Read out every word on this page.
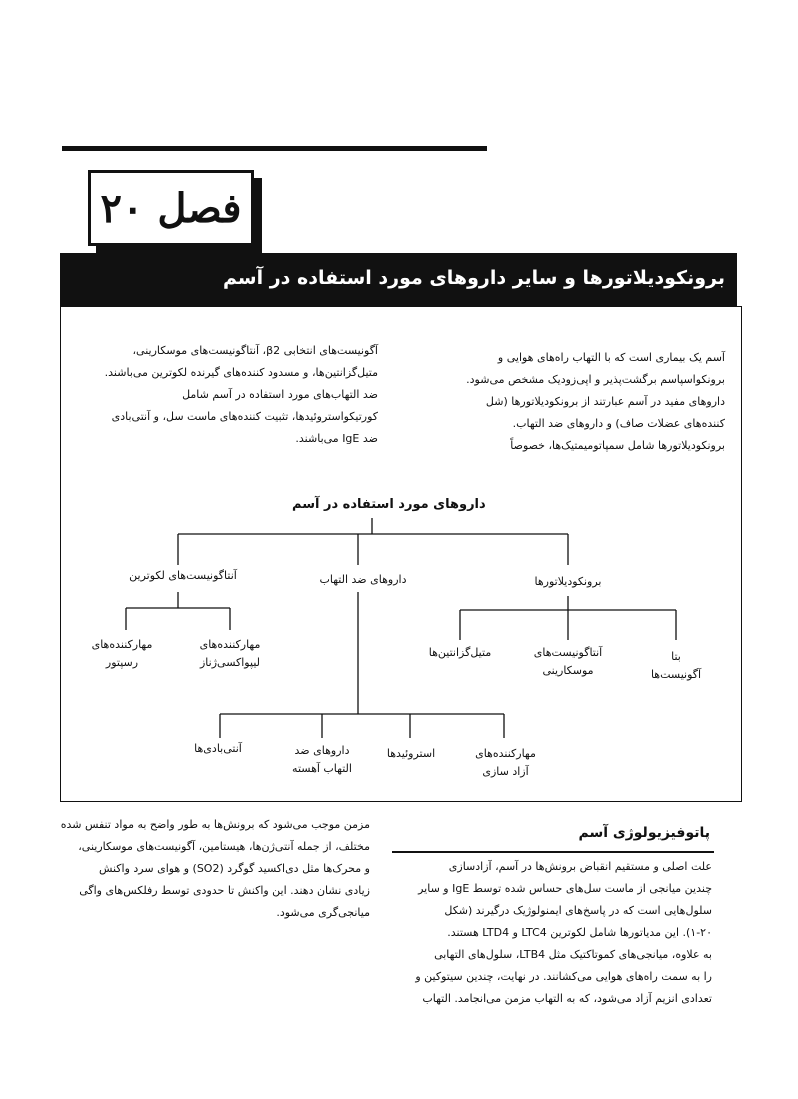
فصل ۲۰
برونکودیلاتورها و سایر داروهای مورد استفاده در آسم
آسم یک بیماری است که با التهاب راه‌های هوایی و
برونکواسپاسم برگشت‌پذیر و اپی‌زودیک مشخص می‌شود.
داروهای مفید در آسم عبارتند از برونکودیلاتورها (شل
کننده‌های عضلات صاف) و داروهای ضد التهاب.
برونکودیلاتورها شامل سمپاتومیمتیک‌ها، خصوصاً
آگونیست‌های انتخابی β2، آنتاگونیست‌های موسکارینی،
متیل‌گزانتین‌ها، و مسدود کننده‌های گیرنده لکوترین می‌باشند.
ضد التهاب‌های مورد استفاده در آسم شامل
کورتیکواستروئیدها، تثبیت کننده‌های ماست سل، و آنتی‌بادی
ضد IgE می‌باشند.
داروهای مورد استفاده در آسم
برونکودیلاتورها
داروهای ضد التهاب
آنتاگونیست‌های لکوترین
بتا
آگونیست‌ها
آنتاگونیست‌های
موسکارینی
متیل‌گزانتین‌ها
مهارکننده‌های
لیپواکسی‌ژناز
مهارکننده‌های
رسپتور
مهارکننده‌های
آزاد سازی
استروئیدها
داروهای ضد
التهاب آهسته
آنتی‌بادی‌ها
پاتوفیزیولوژی آسم
علت اصلی و مستقیم انقباض برونش‌ها در آسم، آزادسازی
چندین میانجی از ماست سل‌های حساس شده توسط IgE و سایر
سلول‌هایی است که در پاسخ‌های ایمنولوژیک درگیرند (شکل
۱-۲۰). این مدیاتورها شامل لکوترین LTC4 و LTD4 هستند.
به علاوه، میانجی‌های کموتاکتیک مثل LTB4، سلول‌های التهابی
را به سمت راه‌های هوایی می‌کشانند. در نهایت، چندین سیتوکین و
تعدادی انزیم آزاد می‌شود، که به التهاب مزمن می‌انجامد. التهاب
مزمن موجب می‌شود که برونش‌ها به طور واضح به مواد تنفس شده
مختلف، از جمله آنتی‌ژن‌ها، هیستامین، آگونیست‌های موسکارینی،
و محرک‌ها مثل دی‌اکسید گوگرد (SO2) و هوای سرد واکنش
زیادی نشان دهند. این واکنش تا حدودی توسط رفلکس‌های واگی
میانجی‌گری می‌شود.
